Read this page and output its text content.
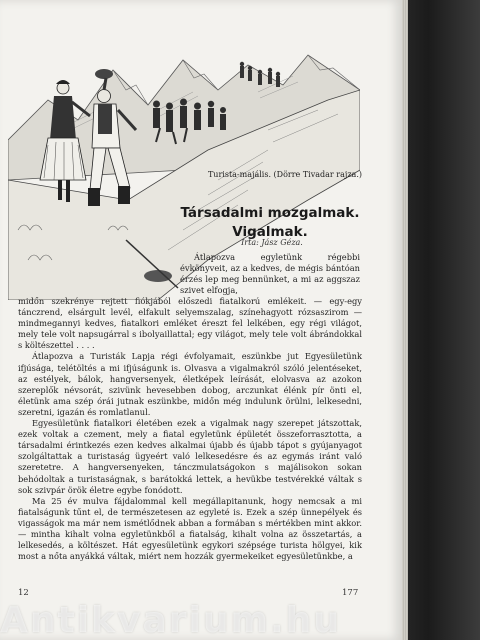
Turista-majális. (Dörre Tivadar rajza.)
Társadalmi mozgalmak.
Vigalmak.
Irta: Jász Géza.

Átlapozva egyletünk régebbi évkönyveit, az a kedves, de mégis bántóan érzés lep meg bennünket, a mi az aggszaz szivet elfogja,

midőn szekrénye rejtett fiókjából előszedi fiatalkorú emlékeit. — egy-egy tánczrend, elsárgult levél, elfakult selyemszalag, színehagyott rózsaszirom — mindmegannyi kedves, fiatalkori emléket éreszt fel lelkében, egy régi világot, mely tele volt napsugárral s ibolyaillattal; egy világot, mely tele volt ábrándokkal s költészettel . . . .

Átlapozva a Turisták Lapja régi évfolyamait, eszünkbe jut Egyesületünk ifjúsága, telétöltés a mi ifjúságunk is. Olvasva a vigalmakról szóló jelentéseket, az estélyek, bálok, hangversenyek, életképek leírását, elolvasva az azokon szereplők névsorát, szivünk hevesebben dobog, arczunkat élénk pír önti el, életünk ama szép órái jutnak eszünkbe, midőn még indulunk örülni, lelkesedni, szeretni, igazán és romlatlanul.

Egyesületünk fiatalkori életében ezek a vigalmak nagy szerepet játszottak, ezek voltak a czement, mely a fiatal egyletünk épületét összeforrasztotta, a társadalmi érintkezés ezen kedves alkalmai újabb és újabb tápot s gyújanyagot szolgáltattak a turistaság ügyeért való lelkesedésre és az egymás iránt való szeretetre. A hangversenyeken, tánczmulatságokon s majálisokon sokan behódoltak a turistaságnak, s barátokká lettek, a hevükbe testvérekké váltak s sok szivpár örök életre egybe fonódott.

Ma 25 év mulva fájdalommal kell megállapitanunk, hogy nemcsak a mi fiatalságunk tűnt el, de természetesen az egyleté is. Ezek a szép ünnepélyek és vigasságok ma már nem ismétlődnek abban a formában s mértékben mint akkor. — mintha kihalt volna egyletünkből a fiatalság, kihalt volna az összetartás, a lelkesedés, a költészet. Hát egyesületünk egykori szépsége turista hölgyei, kik most a nőta anyákká váltak, miért nem hozzák gyermekeiket egyesületünkbe, a

12	177
Antikvarium.hu
